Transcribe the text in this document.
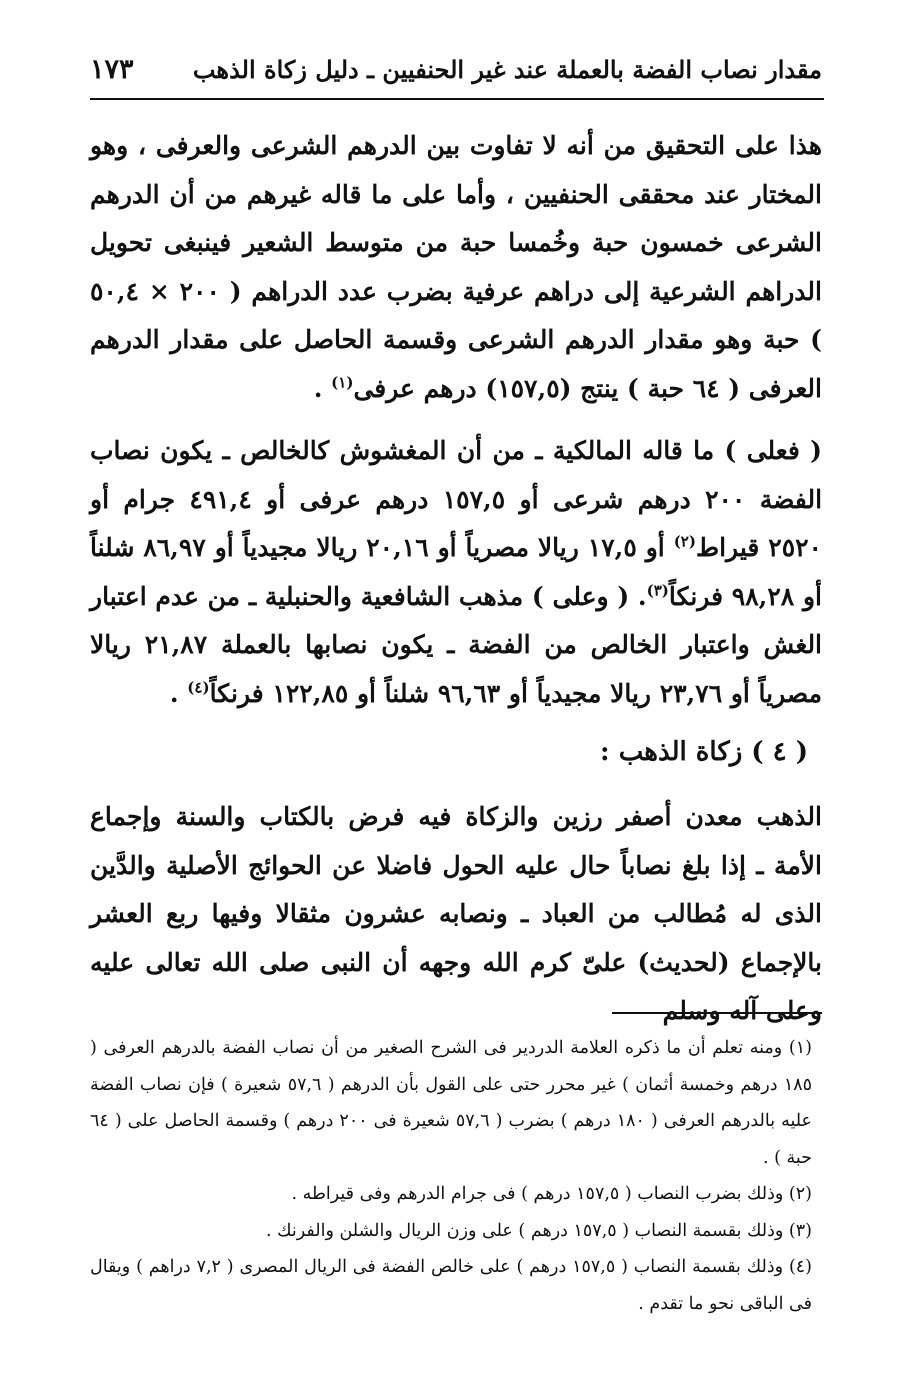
مقدار نصاب الفضة بالعملة عند غير الحنفيين ـ دليل زكاة الذهب
١٧٣

هذا على التحقيق من أنه لا تفاوت بين الدرهم الشرعى والعرفى ، وهو المختار عند محققى الحنفيين ، وأما على ما قاله غيرهم من أن الدرهم الشرعى خمسون حبة وخُمسا حبة من متوسط الشعير فينبغى تحويل الدراهم الشرعية إلى دراهم عرفية بضرب عدد الدراهم ( ٢٠٠ × ٥٠,٤ ) حبة وهو مقدار الدرهم الشرعى وقسمة الحاصل على مقدار الدرهم العرفى ( ٦٤ حبة ) ينتج (١٥٧,٥) درهم عرفى$^{(١)}$ .

( فعلى ) ما قاله المالكية ـ من أن المغشوش كالخالص ـ يكون نصاب الفضة ٢٠٠ درهم شرعى أو ١٥٧,٥ درهم عرفى أو ٤٩١,٤ جرام أو ٢٥٢٠ قيراط$^{(٢)}$ أو ١٧,٥ ريالا مصرياً أو ٢٠,١٦ ريالا مجيدياً أو ٨٦,٩٧ شلناً أو ٩٨,٢٨ فرنكاً$^{(٣)}$. ( وعلى ) مذهب الشافعية والحنبلية ـ من عدم اعتبار الغش واعتبار الخالص من الفضة ـ يكون نصابها بالعملة ٢١,٨٧ ريالا مصرياً أو ٢٣,٧٦ ريالا مجيدياً أو ٩٦,٦٣ شلناً أو ١٢٢,٨٥ فرنكاً$^{(٤)}$ .

( ٤ ) زكاة الذهب :

الذهب معدن أصفر رزين والزكاة فيه فرض بالكتاب والسنة وإجماع الأمة ـ إذا بلغ نصاباً حال عليه الحول فاضلا عن الحوائج الأصلية والدَّين الذى له مُطالب من العباد ـ ونصابه عشرون مثقالا وفيها ربع العشر بالإجماع (لحديث) علىّ كرم الله وجهه أن النبى صلى الله تعالى عليه وعلى آله وسلم

(١) ومنه تعلم أن ما ذكره العلامة الدردير فى الشرح الصغير من أن نصاب الفضة بالدرهم العرفى ( ١٨٥ درهم وخمسة أثمان ) غير محرر حتى على القول بأن الدرهم ( ٥٧,٦ شعيرة ) فإن نصاب الفضة عليه بالدرهم العرفى ( ١٨٠ درهم ) بضرب ( ٥٧,٦ شعيرة فى ٢٠٠ درهم ) وقسمة الحاصل على ( ٦٤ حبة ) .

(٢) وذلك بضرب النصاب ( ١٥٧,٥ درهم ) فى جرام الدرهم وفى قيراطه .

(٣) وذلك بقسمة النصاب ( ١٥٧,٥ درهم ) على وزن الريال والشلن والفرنك .

(٤) وذلك بقسمة النصاب ( ١٥٧,٥ درهم ) على خالص الفضة فى الريال المصرى ( ٧,٢ دراهم ) ويقال فى الباقى نحو ما تقدم .
